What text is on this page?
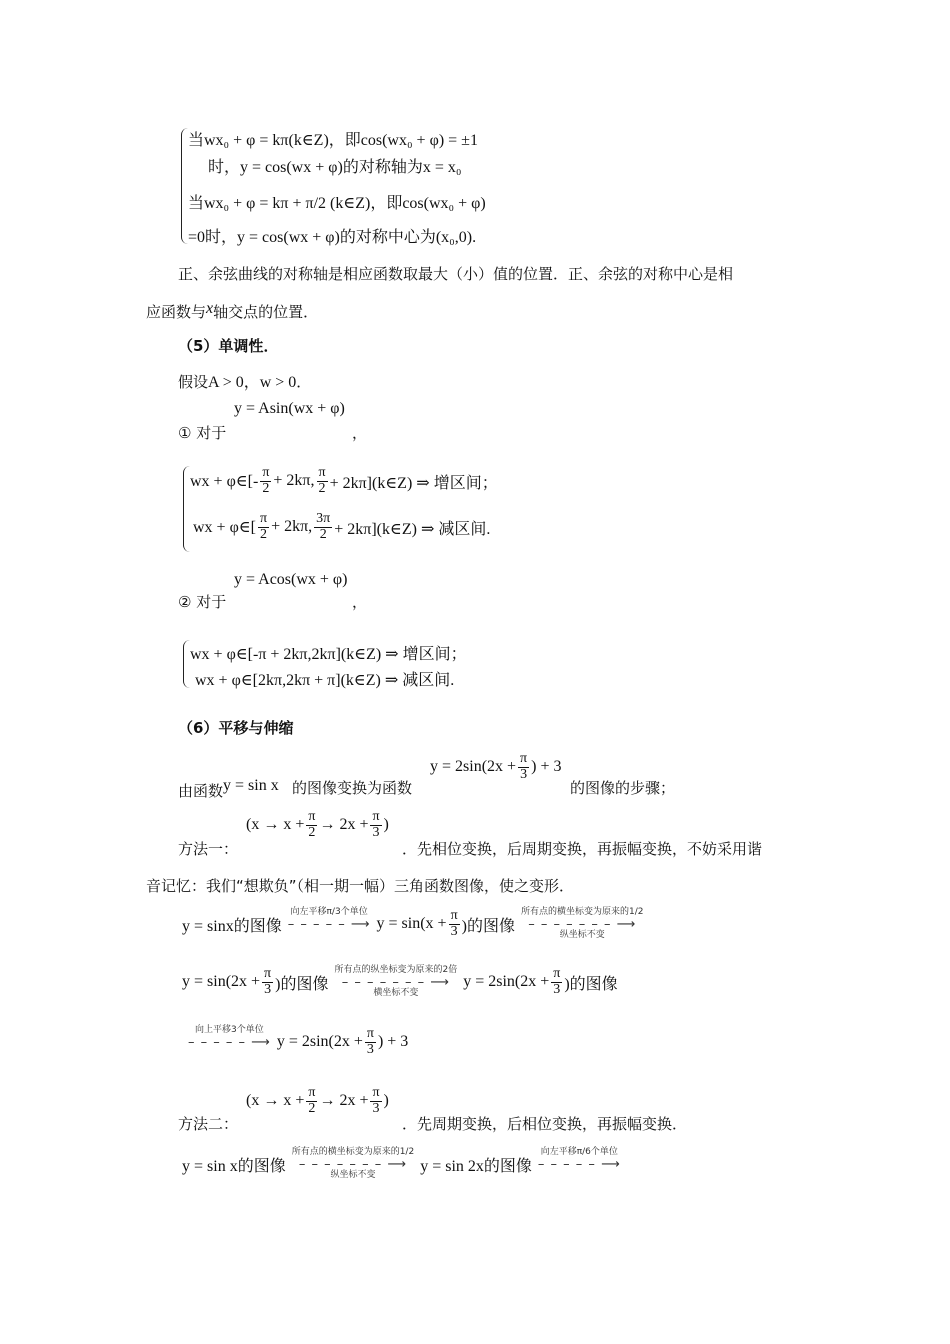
当wx₀ + φ = kπ(k∈Z)，即cos(wx₀ + φ) = ±1
时，y = cos(wx + φ)的对称轴为x = x₀
当wx₀ + φ = kπ + π/2 (k∈Z)，即cos(wx₀ + φ)
=0时，y = cos(wx + φ)的对称中心为(x₀,0).
正、余弦曲线的对称轴是相应函数取最大（小）值的位置．正、余弦的对称中心是相
应函数与x轴交点的位置．
（5）单调性．
假设A > 0，w > 0．
y = Asin(wx + φ)
① 对于	，
wx + φ∈[- $\frac{\pi}{2} + 2k\pi$, $\frac{\pi}{2}$ + 2kπ](k∈Z) ⇒ 增区间；
wx + φ∈[ $\frac{\pi}{2} + 2k\pi$, $\frac{3\pi}{2}$ + 2kπ](k∈Z) ⇒ 减区间.
y = Acos(wx + φ)
② 对于	，
wx + φ∈[-π + 2kπ,2kπ](k∈Z) ⇒ 增区间；
wx + φ∈[2kπ,2kπ + π](k∈Z) ⇒ 减区间.
（6）平移与伸缩
$y = 2\sin(2x + \frac{\pi}{3}$ ) + 3
由函数y = sin x 的图像变换为函数	的图像的步骤；
($x \to x + \frac{\pi}{2} \to 2x + \frac{\pi}{3}$ )
方法一：	．先相位变换，后周期变换，再振幅变换，不妨采用谐
音记忆：我们“想欺负”（相一期一幅）三角函数图像，使之变形．
y = sinx的图像
向左平移π/3个单位
– – – – – ⟶
$y = \sin(x + \frac{\pi}{3}$ )的图像
所有点的横坐标变为原来的1/2
– – – – – – – ⟶
纵坐标不变
$y = \sin(2x + \frac{\pi}{3}$ )的图像
所有点的纵坐标变为原来的2倍
– – – – – – – ⟶
横坐标不变
$y = 2\sin(2x + \frac{\pi}{3}$ )的图像
向上平移3个单位
– – – – – ⟶
$y = 2\sin(2x + \frac{\pi}{3}$ ) + 3
($x \to x + \frac{\pi}{2} \to 2x + \frac{\pi}{3}$ )
方法二：	．先周期变换，后相位变换，再振幅变换．
y = sin x的图像
所有点的横坐标变为原来的1/2
– – – – – – – ⟶
纵坐标不变	y = sin 2x的图像
向左平移π/6个单位
– – – – – ⟶
